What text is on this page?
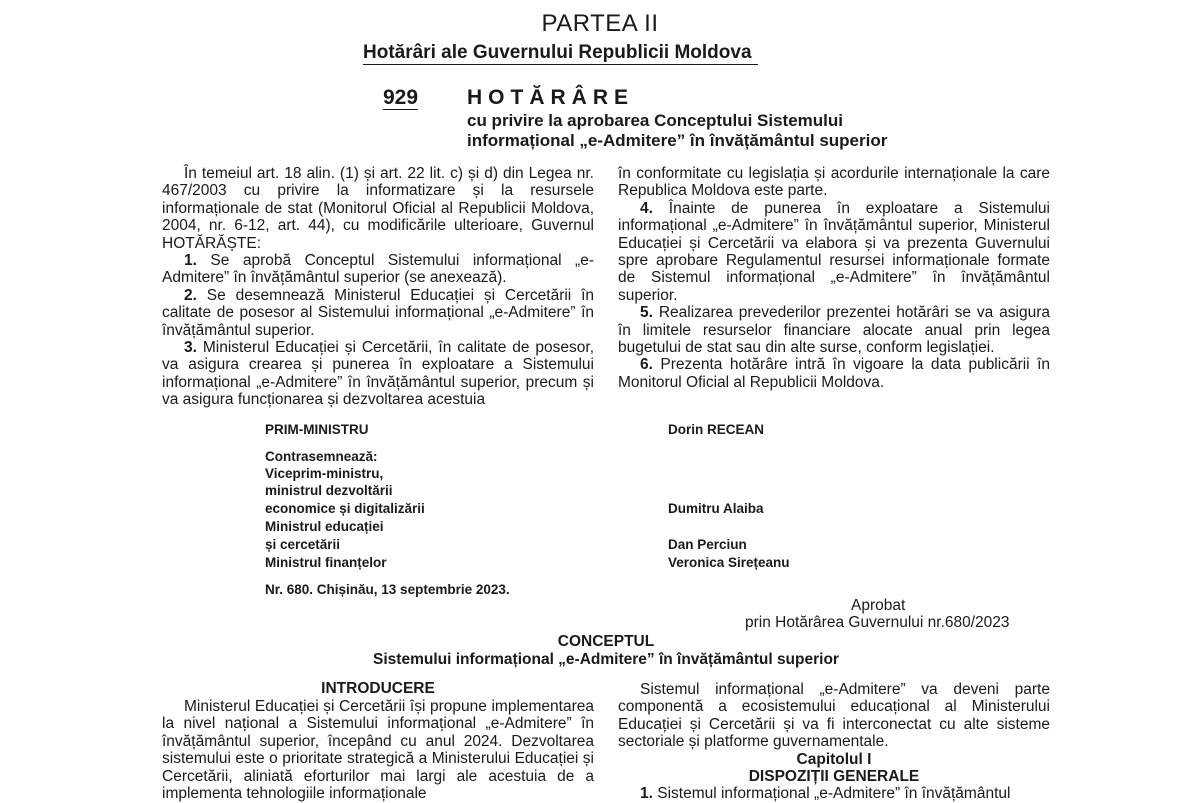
PARTEA II
Hotărâri ale Guvernului Republicii Moldova
929 HOTĂRÂRE
cu privire la aprobarea Conceptului Sistemului
informațional „e-Admitere” în învățământul superior

În temeiul art. 18 alin. (1) și art. 22 lit. c) și d) din Legea nr. 467/2003 cu privire la informatizare și la resursele informaționale de stat (Monitorul Oficial al Republicii Moldova, 2004, nr. 6-12, art. 44), cu modificările ulterioare, Guvernul HOTĂRĂȘTE:

1. Se aprobă Conceptul Sistemului informațional „e-Admitere” în învățământul superior (se anexează).

2. Se desemnează Ministerul Educației și Cercetării în calitate de posesor al Sistemului informațional „e-Admitere” în învățământul superior.

3. Ministerul Educației și Cercetării, în calitate de posesor, va asigura crearea și punerea în exploatare a Sistemului informațional „e-Admitere” în învățământul superior, precum și va asigura funcționarea și dezvoltarea acestuia

în conformitate cu legislația și acordurile internaționale la care Republica Moldova este parte.

4. Înainte de punerea în exploatare a Sistemului informațional „e-Admitere” în învățământul superior, Ministerul Educației și Cercetării va elabora și va prezenta Guvernului spre aprobare Regulamentul resursei informaționale formate de Sistemul informațional „e-Admitere” în învățământul superior.

5. Realizarea prevederilor prezentei hotărâri se va asigura în limitele resurselor financiare alocate anual prin legea bugetului de stat sau din alte surse, conform legislației.

6. Prezenta hotărâre intră în vigoare la data publicării în Monitorul Oficial al Republicii Moldova.

PRIM-MINISTRU	Dorin RECEAN
Contrasemnează:
Viceprim-ministru,
ministrul dezvoltării
economice și digitalizării	Dumitru Alaiba
Ministrul educației
și cercetării	Dan Perciun
Ministrul finanțelor	Veronica Sirețeanu
Nr. 680. Chișinău, 13 septembrie 2023.
Aprobat
prin Hotărârea Guvernului nr.680/2023
CONCEPTUL
Sistemului informațional „e-Admitere” în învățământul superior
INTRODUCERE

Ministerul Educației și Cercetării își propune implementarea la nivel național a Sistemului informațional „e-Admitere” în învățământul superior, începând cu anul 2024. Dezvoltarea sistemului este o prioritate strategică a Ministerului Educației și Cercetării, aliniată eforturilor mai largi ale acestuia de a implementa tehnologiile informaționale

Sistemul informațional „e-Admitere” va deveni parte componentă a ecosistemului educațional al Ministerului Educației și Cercetării și va fi interconectat cu alte sisteme sectoriale și platforme guvernamentale.

Capitolul I

DISPOZIȚII GENERALE

1. Sistemul informațional „e-Admitere” în învățământul
